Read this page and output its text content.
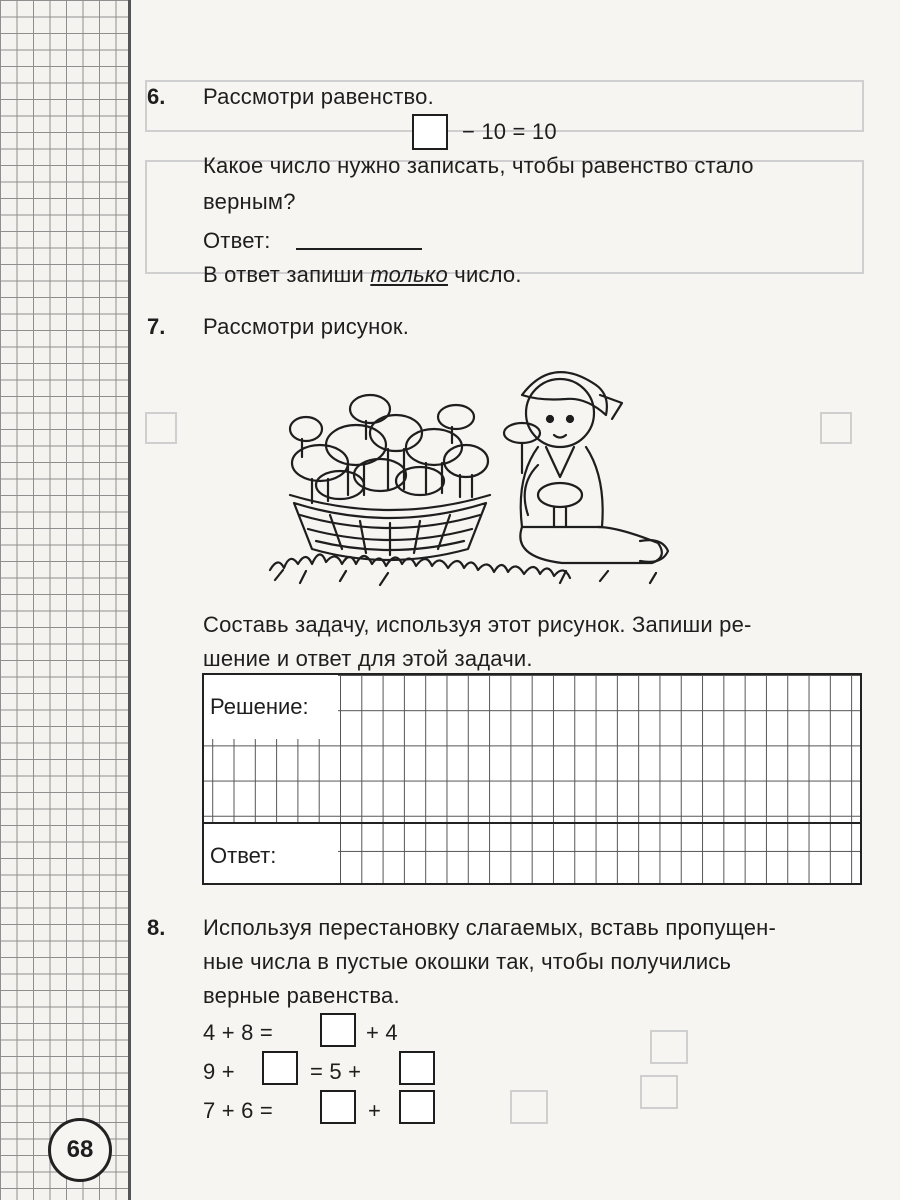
68
6. Рассмотри равенство.
− 10 = 10
Какое число нужно записать, чтобы равенство стало
верным?
Ответ:
В ответ запиши только число.
7. Рассмотри рисунок.
Составь задачу, используя этот рисунок. Запиши ре-
шение и ответ для этой задачи.
Решение:
Ответ:
8. Используя перестановку слагаемых, вставь пропущен-
ные числа в пустые окошки так, чтобы получились
верные равенства.
4 + 8 =	+ 4
9 +	= 5 +
7 + 6 =	+
